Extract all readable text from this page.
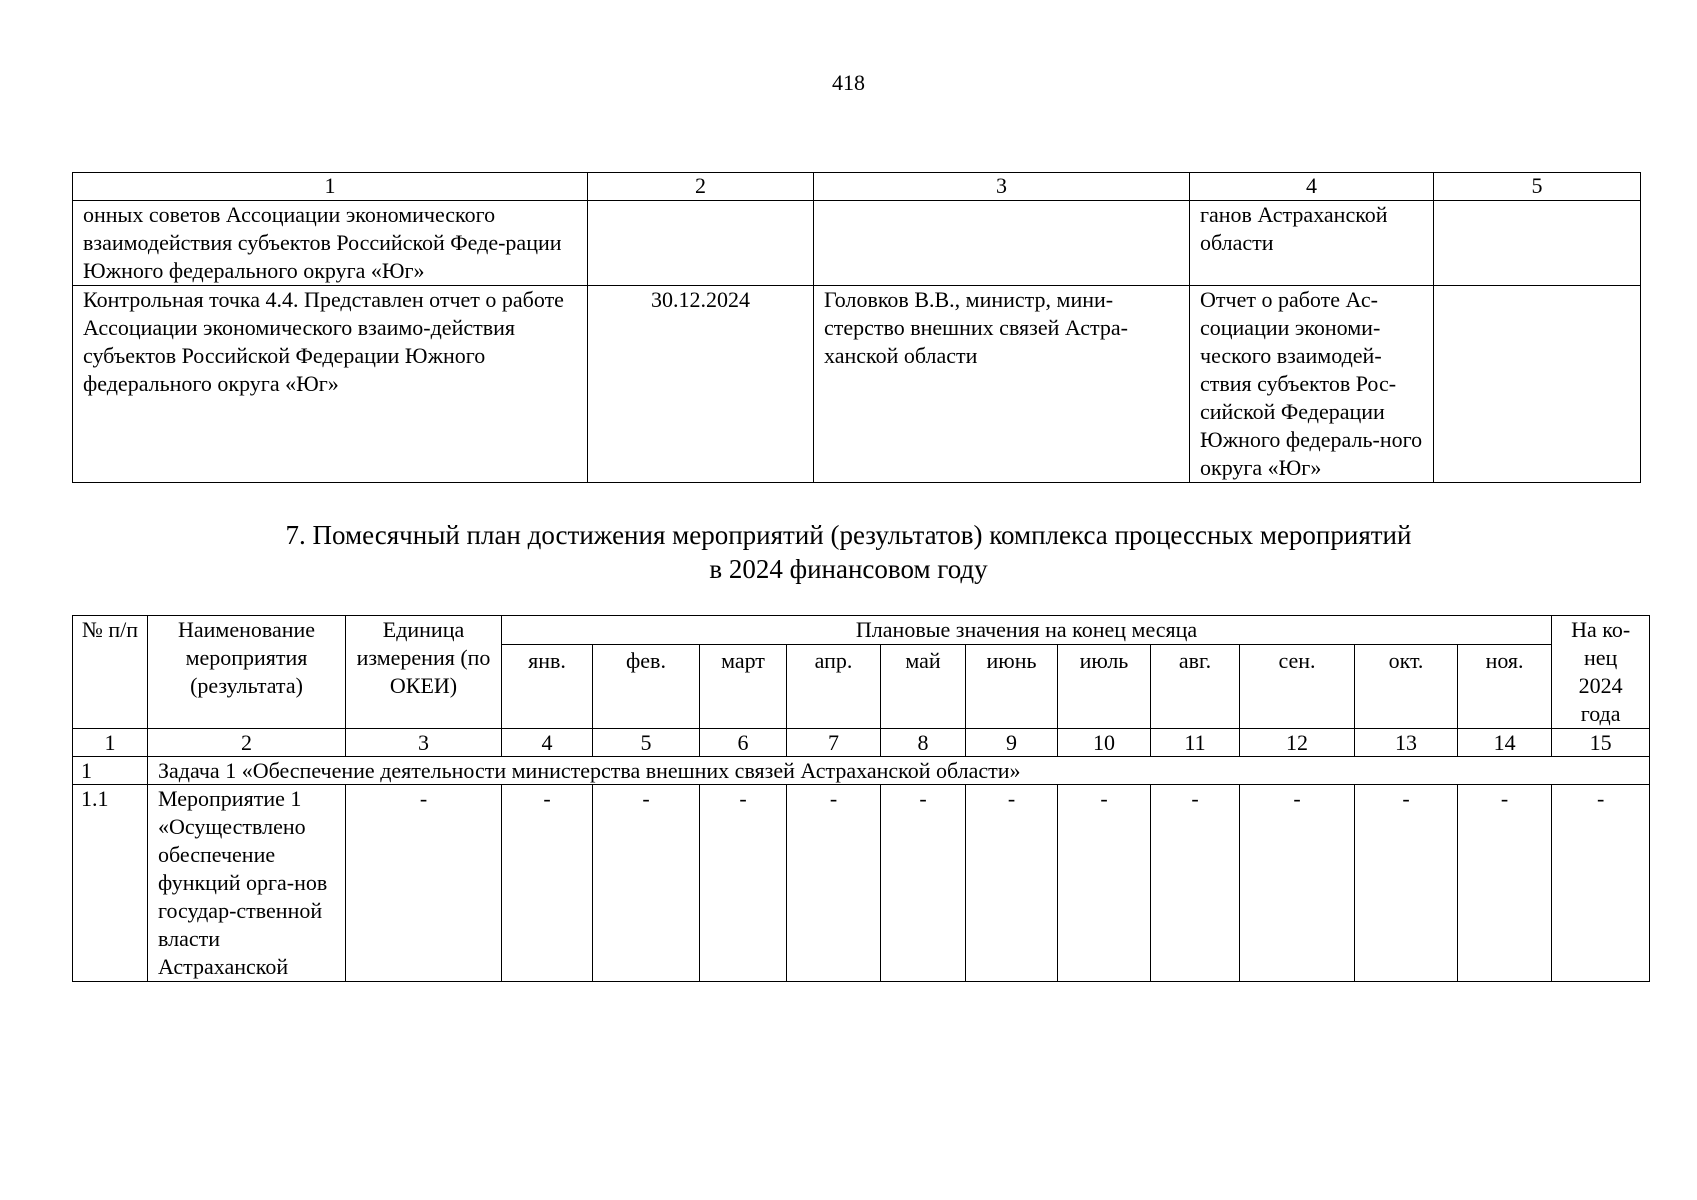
418
1	2	3	4	5
онных советов Ассоциации экономического взаимодействия субъектов Российской Феде-рации Южного федерального округа «Юг»			ганов Астраханской области	
Контрольная точка 4.4. Представлен отчет о работе Ассоциации экономического взаимо-действия субъектов Российской Федерации Южного федерального округа «Юг»	30.12.2024	Головков В.В., министр, мини-стерство внешних связей Астра-ханской области	Отчет о работе Ас-социации экономи-ческого взаимодей-ствия субъектов Рос-сийской Федерации Южного федераль-ного округа «Юг»	
7. Помесячный план достижения мероприятий (результатов) комплекса процессных мероприятий
в 2024 финансовом году
№ п/п	Наименование мероприятия (результата)	Единица измерения (по ОКЕИ)	Плановые значения на конец месяца											На ко-нец 2024 года
			янв.	фев.	март	апр.	май	июнь	июль	авг.	сен.	окт.	ноя.	
1	2	3	4	5	6	7	8	9	10	11	12	13	14	15
1	Задача 1 «Обеспечение деятельности министерства внешних связей Астраханской области»													
1.1	Мероприятие 1 «Осуществлено обеспечение функций орга-нов государ-ственной власти Астраханской	-	-	-	-	-	-	-	-	-	-	-	-	-
